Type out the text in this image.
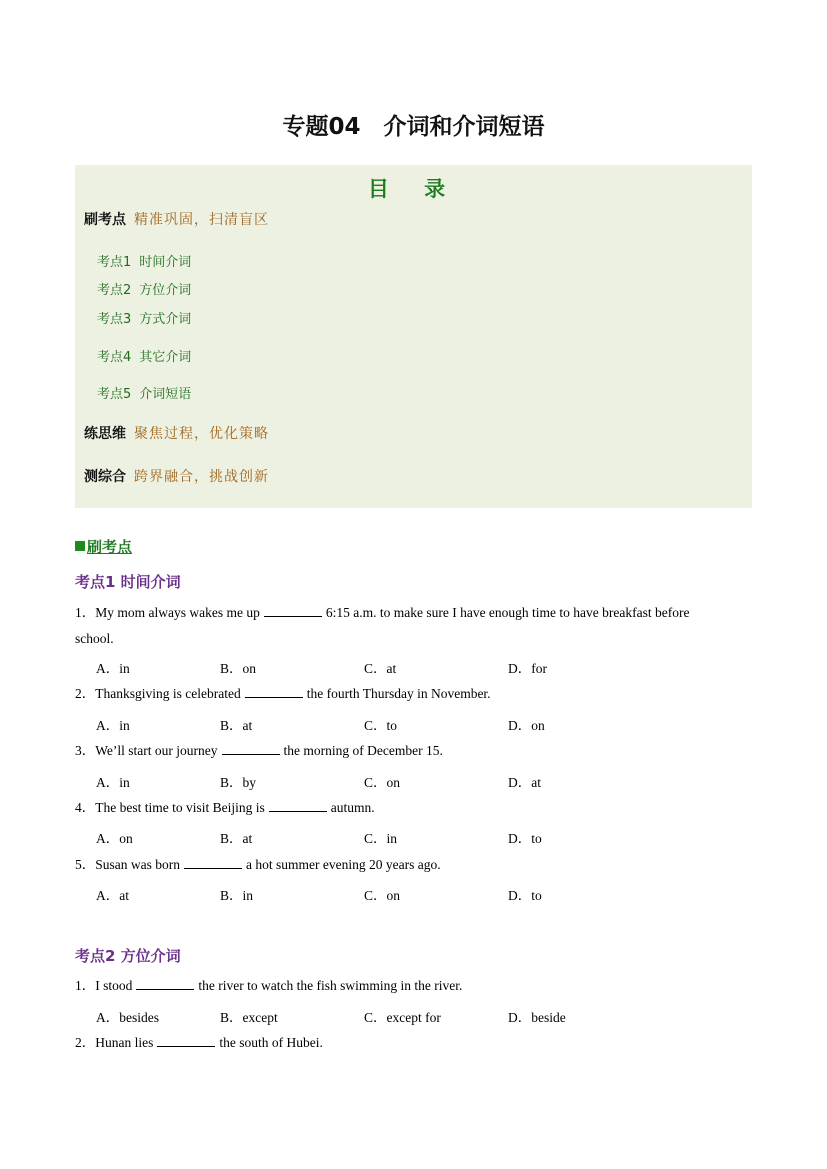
专题04　介词和介词短语
目 录
刷考点 精准巩固，扫清盲区
考点1 时间介词
考点2 方位介词
考点3 方式介词
考点4 其它介词
考点5 介词短语
练思维 聚焦过程，优化策略
测综合 跨界融合，挑战创新
刷考点
考点1 时间介词
1．My mom always wakes me up	6:15 a.m. to make sure I have enough time to have breakfast before
school.
A．in	B．on	C．at	D．for
2．Thanksgiving is celebrated	the fourth Thursday in November.
A．in	B．at	C．to	D．on
3．We’ll start our journey	the morning of December 15.
A．in	B．by	C．on	D．at
4．The best time to visit Beijing is	autumn.
A．on	B．at	C．in	D．to
5．Susan was born	a hot summer evening 20 years ago.
A．at	B．in	C．on	D．to
考点2 方位介词
1．I stood	the river to watch the fish swimming in the river.
A．besides	B．except	C．except for	D．beside
2．Hunan lies	the south of Hubei.
